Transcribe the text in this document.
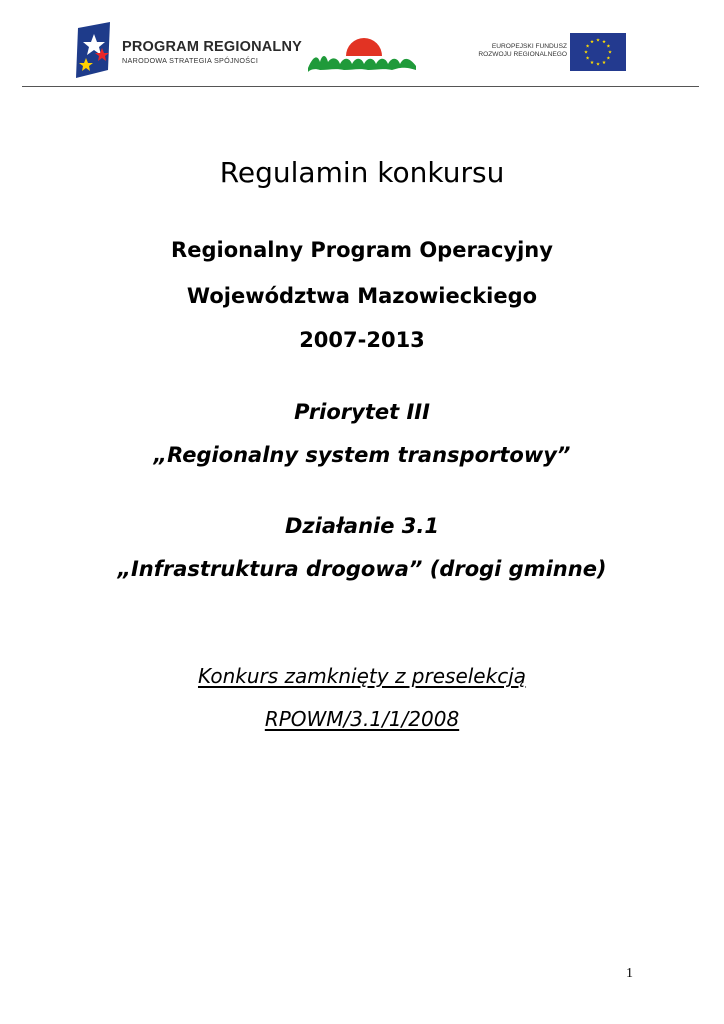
PROGRAM REGIONALNY
NARODOWA STRATEGIA SPÓJNOŚCI
EUROPEJSKI FUNDUSZ
ROZWOJU REGIONALNEGO
Regulamin konkursu
Regionalny Program Operacyjny
Województwa Mazowieckiego
2007-2013
Priorytet III
„Regionalny system transportowy”
Działanie 3.1
„Infrastruktura drogowa” (drogi gminne)
Konkurs zamknięty z preselekcją
RPOWM/3.1/1/2008
1
